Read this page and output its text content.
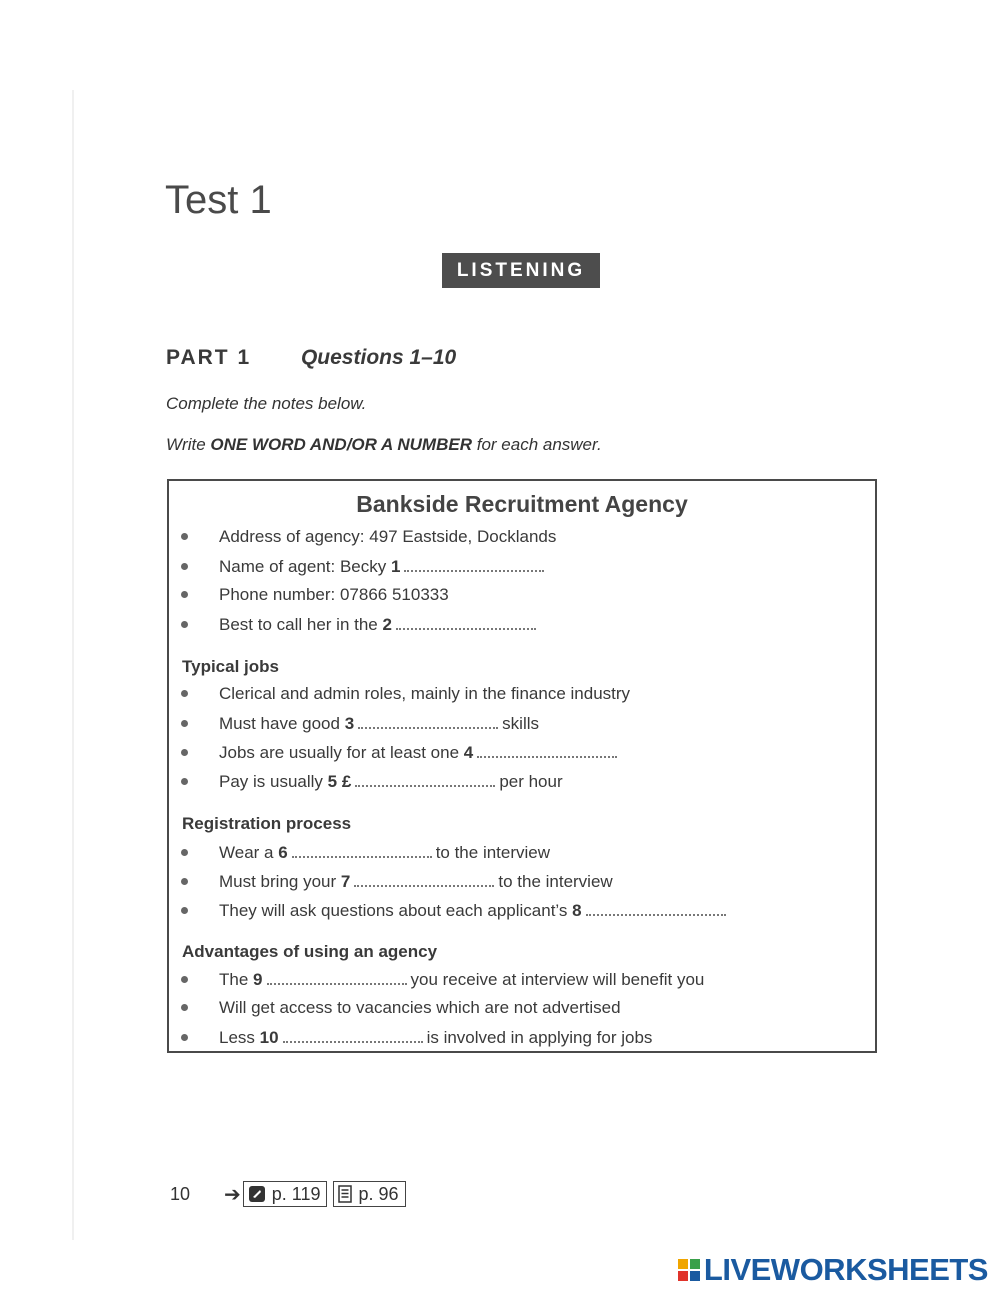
Test 1
LISTENING
PART 1 Questions 1–10
Complete the notes below.
Write ONE WORD AND/OR A NUMBER for each answer.
Bankside Recruitment Agency
Address of agency: 497 Eastside, Docklands
Name of agent: Becky 1
Phone number: 07866 510333
Best to call her in the 2
Typical jobs
Clerical and admin roles, mainly in the finance industry
Must have good 3	skills
Jobs are usually for at least one 4
Pay is usually 5 £	per hour
Registration process
Wear a 6	to the interview
Must bring your 7	to the interview
They will ask questions about each applicant’s 8
Advantages of using an agency
The 9	you receive at interview will benefit you
Will get access to vacancies which are not advertised
Less 10	is involved in applying for jobs
10	➔ p. 119 p. 96
LIVEWORKSHEETS
